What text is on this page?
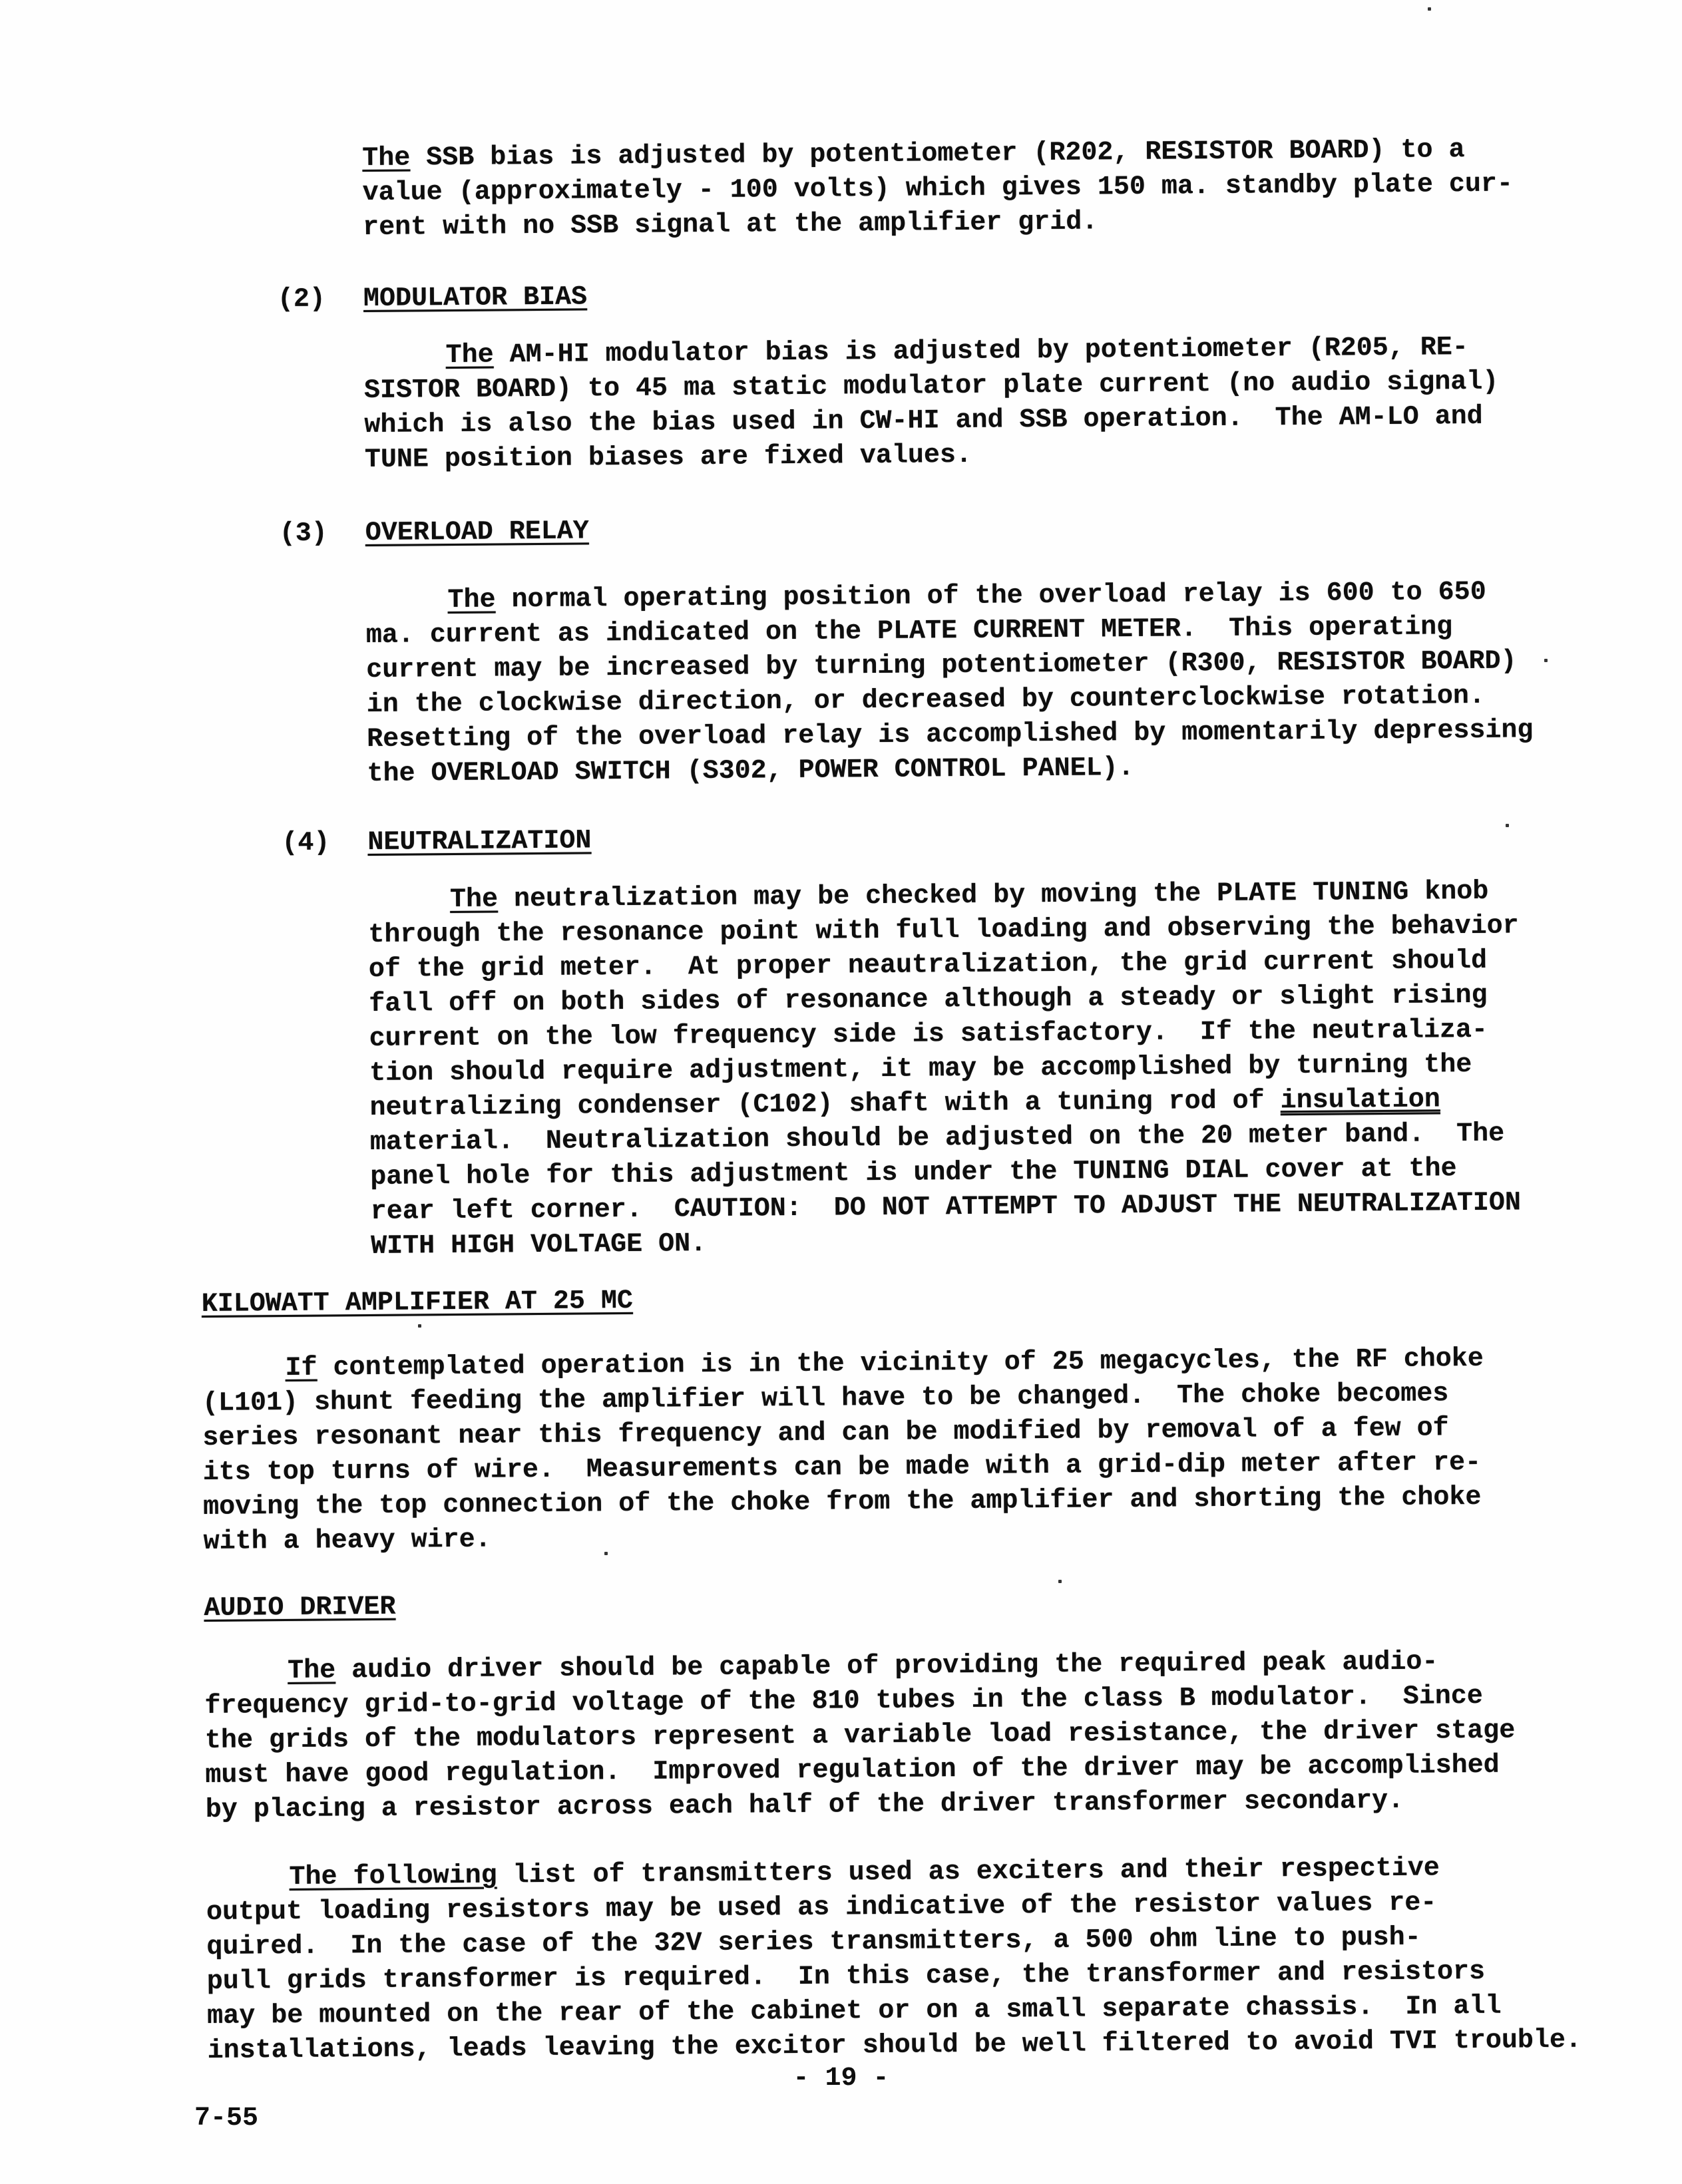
The SSB bias is adjusted by potentiometer (R202, RESISTOR BOARD) to a
value (approximately - 100 volts) which gives 150 ma. standby plate cur-
rent with no SSB signal at the amplifier grid.
(2) MODULATOR BIAS
The AM-HI modulator bias is adjusted by potentiometer (R205, RE-
SISTOR BOARD) to 45 ma static modulator plate current (no audio signal)
which is also the bias used in CW-HI and SSB operation.  The AM-LO and
TUNE position biases are fixed values.
(3) OVERLOAD RELAY
The normal operating position of the overload relay is 600 to 650
ma. current as indicated on the PLATE CURRENT METER.  This operating
current may be increased by turning potentiometer (R300, RESISTOR BOARD)
in the clockwise direction, or decreased by counterclockwise rotation.
Resetting of the overload relay is accomplished by momentarily depressing
the OVERLOAD SWITCH (S302, POWER CONTROL PANEL).
(4) NEUTRALIZATION
The neutralization may be checked by moving the PLATE TUNING knob
through the resonance point with full loading and observing the behavior
of the grid meter.  At proper neautralization, the grid current should
fall off on both sides of resonance although a steady or slight rising
current on the low frequency side is satisfactory.  If the neutraliza-
tion should require adjustment, it may be accomplished by turning the
neutralizing condenser (C102) shaft with a tuning rod of insulation
material.  Neutralization should be adjusted on the 20 meter band.  The
panel hole for this adjustment is under the TUNING DIAL cover at the
rear left corner.  CAUTION:  DO NOT ATTEMPT TO ADJUST THE NEUTRALIZATION
WITH HIGH VOLTAGE ON.
KILOWATT AMPLIFIER AT 25 MC
If contemplated operation is in the vicinity of 25 megacycles, the RF choke
(L101) shunt feeding the amplifier will have to be changed.  The choke becomes
series resonant near this frequency and can be modified by removal of a few of
its top turns of wire.  Measurements can be made with a grid-dip meter after re-
moving the top connection of the choke from the amplifier and shorting the choke
with a heavy wire.
AUDIO DRIVER
The audio driver should be capable of providing the required peak audio-
frequency grid-to-grid voltage of the 810 tubes in the class B modulator.  Since
the grids of the modulators represent a variable load resistance, the driver stage
must have good regulation.  Improved regulation of the driver may be accomplished
by placing a resistor across each half of the driver transformer secondary.
The following list of transmitters used as exciters and their respective
output loading resistors may be used as indicative of the resistor values re-
quired.  In the case of the 32V series transmitters, a 500 ohm line to push-
pull grids transformer is required.  In this case, the transformer and resistors
may be mounted on the rear of the cabinet or on a small separate chassis.  In all
installations, leads leaving the excitor should be well filtered to avoid TVI trouble.
- 19 -
7-55
